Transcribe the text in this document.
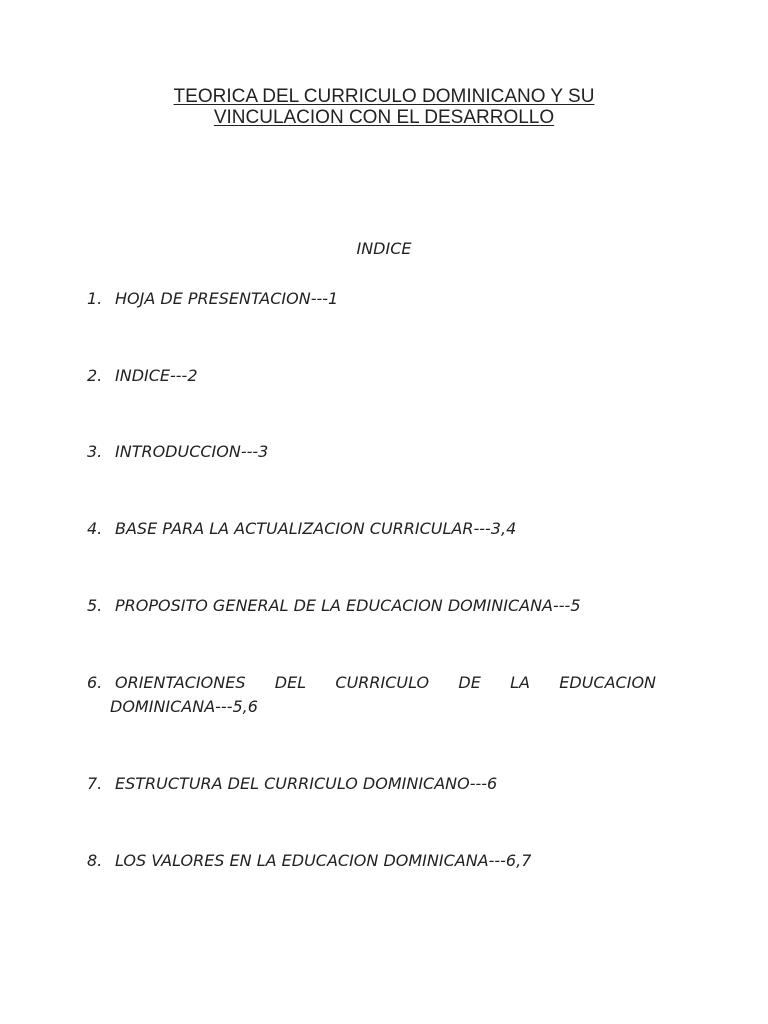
TEORICA DEL CURRICULO DOMINICANO Y SU
VINCULACION CON EL DESARROLLO
INDICE
1. HOJA DE PRESENTACION---1
2. INDICE---2
3. INTRODUCCION---3
4. BASE PARA LA ACTUALIZACION CURRICULAR---3,4
5. PROPOSITO GENERAL DE LA EDUCACION DOMINICANA---5
6. ORIENTACIONES DEL CURRICULO DE LA EDUCACION
DOMINICANA---5,6
7. ESTRUCTURA DEL CURRICULO DOMINICANO---6
8. LOS VALORES EN LA EDUCACION DOMINICANA---6,7
